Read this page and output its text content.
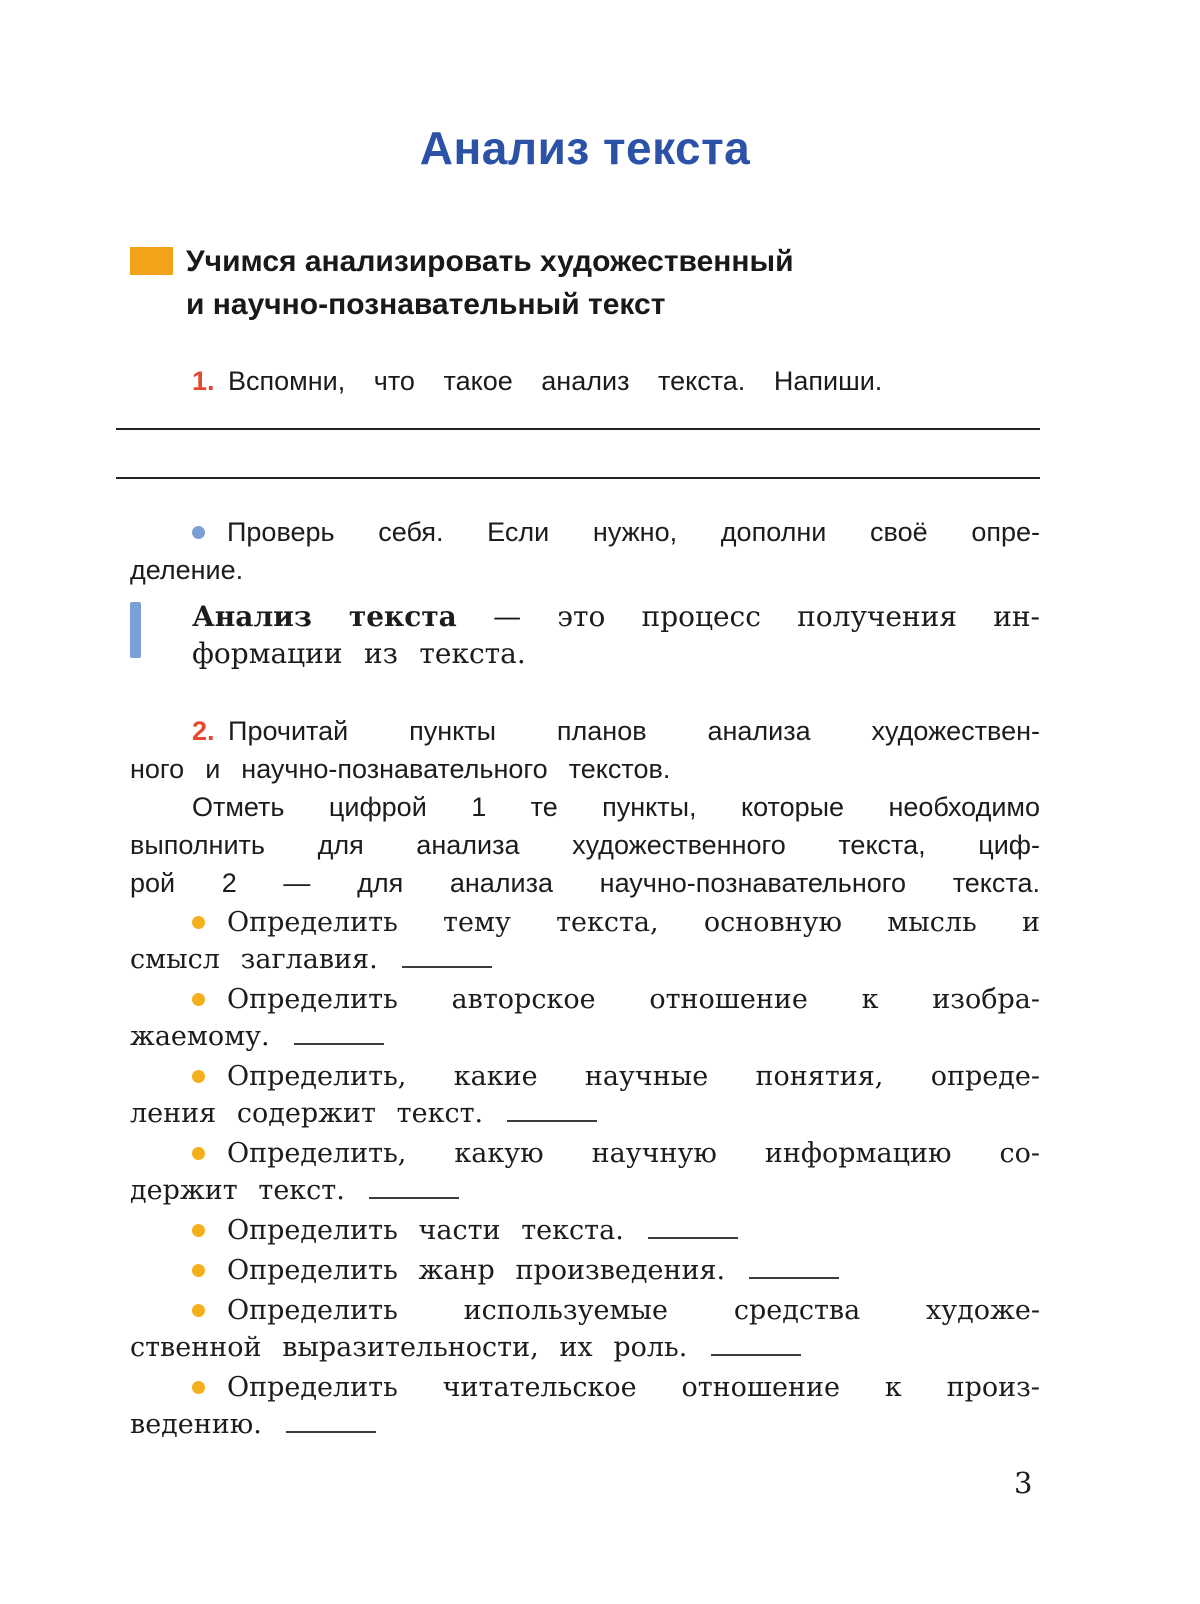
Анализ текста
Учимся анализировать художественный
и научно-познавательный текст
1. Вспомни, что такое анализ текста. Напиши.
Проверь себя. Если нужно, дополни своё опре-
деление.
Анализ текста — это процесс получения ин-
формации из текста.
2. Прочитай пункты планов анализа художествен-
ного и научно-познавательного текстов.
Отметь цифрой 1 те пункты, которые необходимо
выполнить для анализа художественного текста, циф-
рой 2 — для анализа научно-познавательного текста.
Определить тему текста, основную мысль и
смысл заглавия.
Определить авторское отношение к изобра-
жаемому.
Определить, какие научные понятия, опреде-
ления содержит текст.
Определить, какую научную информацию со-
держит текст.
Определить части текста.
Определить жанр произведения.
Определить используемые средства художе-
ственной выразительности, их роль.
Определить читательское отношение к произ-
ведению.
3
